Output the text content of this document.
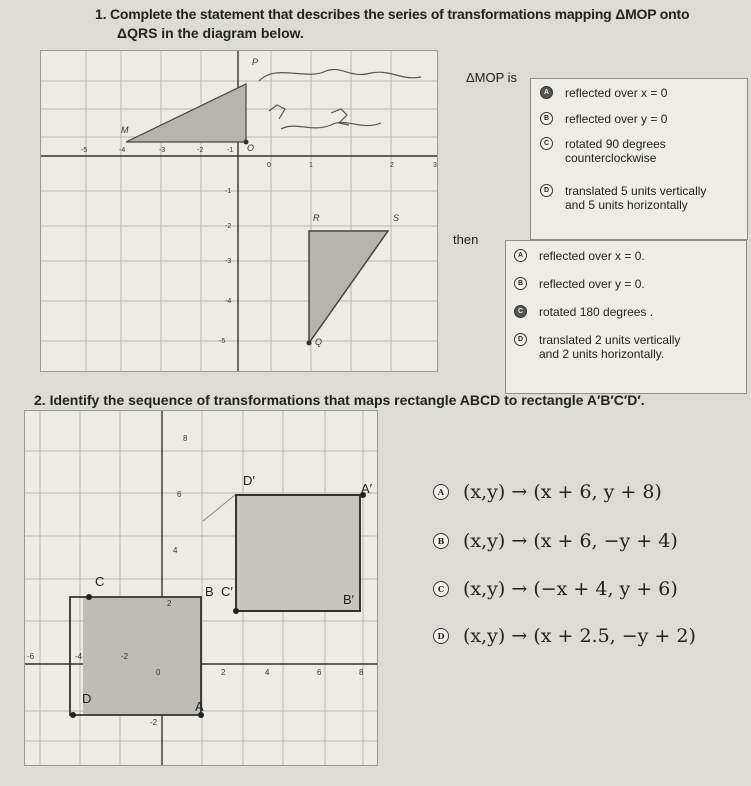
1. Complete the statement that describes the series of transformations mapping ΔMOP onto
ΔQRS in the diagram below.
-5	-4	-3	-2	-1
0	1	2	3
-1
-2
-3
-4
-5
P
M
O
R	S
Q
ΔMOP is
then
A	reflected over x = 0
B	reflected over y = 0
C	rotated 90 degrees
counterclockwise
D	translated 5 units vertically
and 5 units horizontally
A	reflected over x = 0.
B	reflected over y = 0.
C	rotated 180 degrees .
D	translated 2 units vertically
and 2 units horizontally.
2. Identify the sequence of transformations that maps rectangle ABCD to rectangle A′B′C′D′.
-6	-4	-2
0	2	4	6	8
8
6
4
2
-2
D′
A′
C
B C′
B′
D
A
A (x,y) → (x + 6, y + 8)
B (x,y) → (x + 6, −y + 4)
C (x,y) → (−x + 4, y + 6)
D (x,y) → (x + 2.5, −y + 2)
